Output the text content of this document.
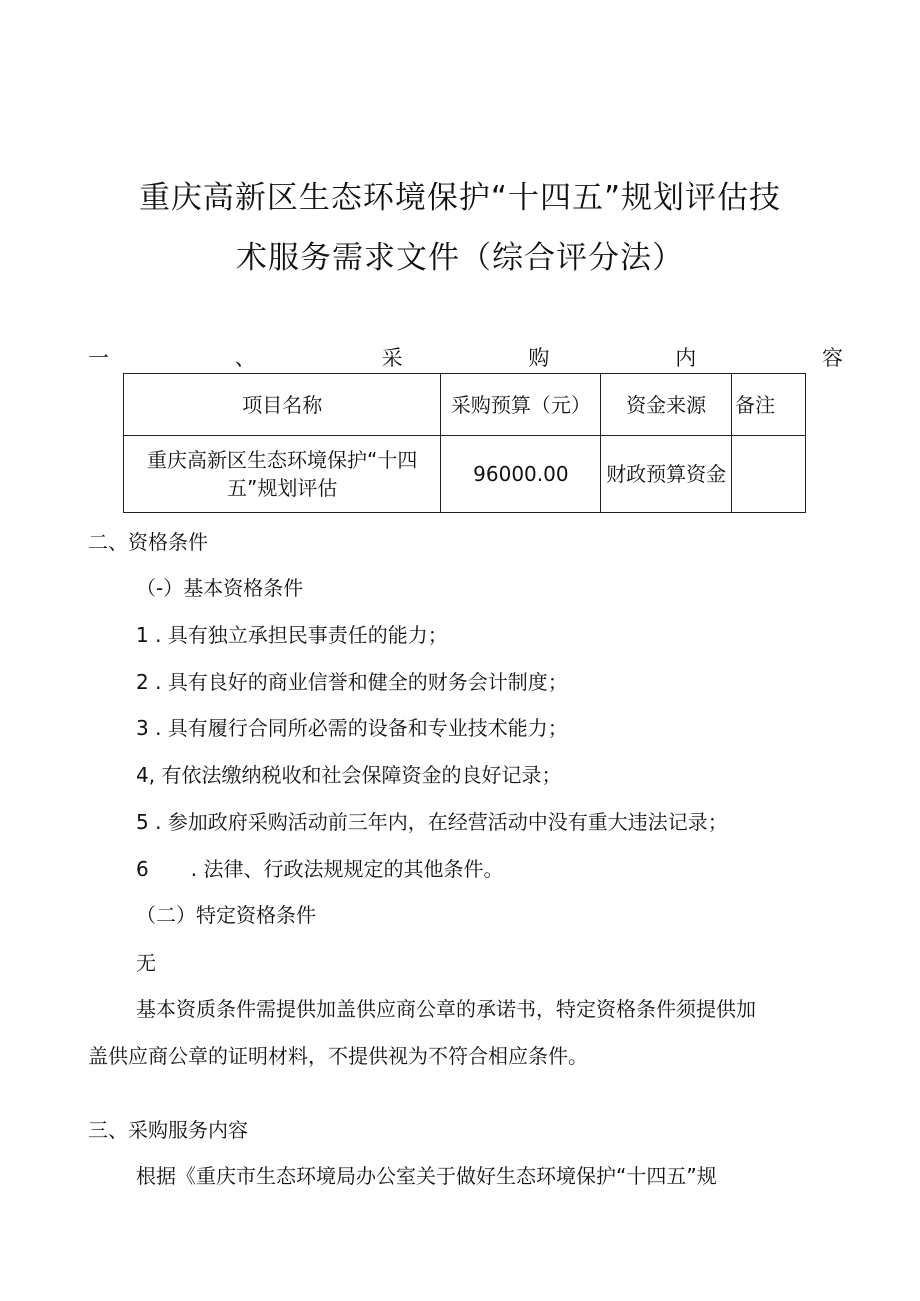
重庆高新区生态环境保护“十四五”规划评估技
术服务需求文件（综合评分法）
一	、	采	购	内	容
项目名称	采购预算（元）	资金来源	备注
重庆高新区生态环境保护“十四五”规划评估	96000.00	财政预算资金	
二、资格条件
（-）基本资格条件
1 . 具有独立承担民事责任的能力；
2 . 具有良好的商业信誉和健全的财务会计制度；
3 . 具有履行合同所必需的设备和专业技术能力；
4, 有依法缴纳税收和社会保障资金的良好记录；
5 . 参加政府采购活动前三年内，在经营活动中没有重大违法记录；
6 . 法律、行政法规规定的其他条件。
（二）特定资格条件
无
基本资质条件需提供加盖供应商公章的承诺书，特定资格条件须提供加
盖供应商公章的证明材料，不提供视为不符合相应条件。
三、采购服务内容
根据《重庆市生态环境局办公室关于做好生态环境保护“十四五”规
